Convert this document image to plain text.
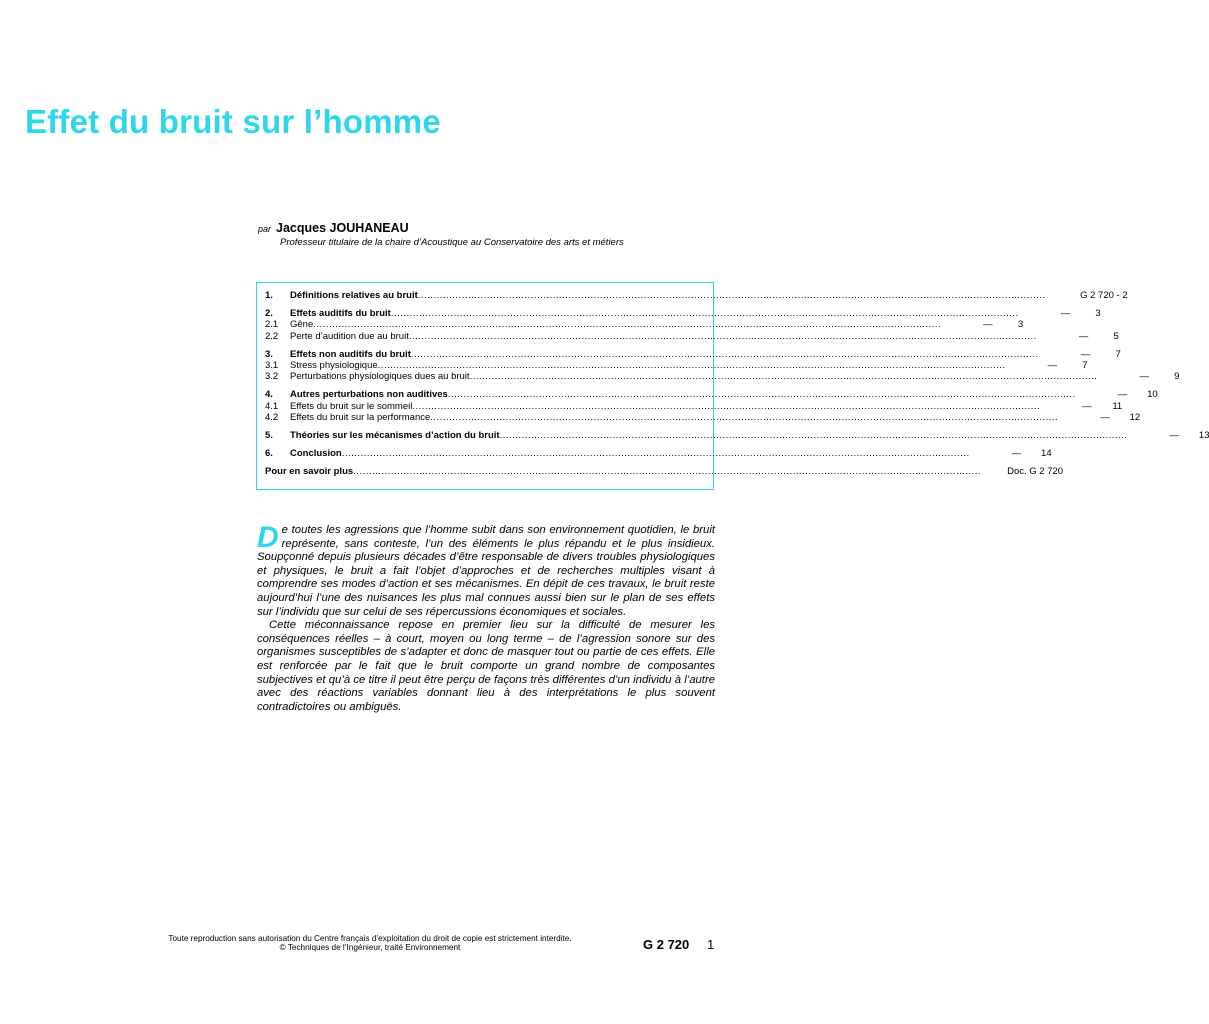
Effet du bruit sur l’homme
par Jacques JOUHANEAU
Professeur titulaire de la chaire d’Acoustique au Conservatoire des arts et métiers
1.	Définitions relatives au bruit........................................................................................................................................................................................................	G 2 720 - 2
2.	Effets auditifs du bruit........................................................................................................................................................................................................	—	3
2.1	Gêne........................................................................................................................................................................................................	—	3
2.2	Perte d’audition due au bruit........................................................................................................................................................................................................	—	5
3.	Effets non auditifs du bruit........................................................................................................................................................................................................	—	7
3.1	Stress physiologique........................................................................................................................................................................................................	—	7
3.2	Perturbations physiologiques dues au bruit........................................................................................................................................................................................................	—	9
4.	Autres perturbations non auditives........................................................................................................................................................................................................	— 10
4.1	Effets du bruit sur le sommeil........................................................................................................................................................................................................	— 11
4.2	Effets du bruit sur la performance........................................................................................................................................................................................................	— 12
5.	Théories sur les mécanismes d’action du bruit........................................................................................................................................................................................................	— 13
6.	Conclusion........................................................................................................................................................................................................	— 14
Pour en savoir plus........................................................................................................................................................................................................	Doc. G 2 720

De toutes les agressions que l’homme subit dans son environnement quotidien, le bruit représente, sans conteste, l’un des éléments le plus répandu et le plus insidieux. Soupçonné depuis plusieurs décades d’être responsable de divers troubles physiologiques et physiques, le bruit a fait l’objet d’approches et de recherches multiples visant à comprendre ses modes d’action et ses mécanismes. En dépit de ces travaux, le bruit reste aujourd’hui l’une des nuisances les plus mal connues aussi bien sur le plan de ses effets sur l’individu que sur celui de ses répercussions économiques et sociales.

Cette méconnaissance repose en premier lieu sur la difficulté de mesurer les conséquences réelles – à court, moyen ou long terme – de l’agression sonore sur des organismes susceptibles de s’adapter et donc de masquer tout ou partie de ces effets. Elle est renforcée par le fait que le bruit comporte un grand nombre de composantes subjectives et qu’à ce titre il peut être perçu de façons très différentes d’un individu à l’autre avec des réactions variables donnant lieu à des interprétations le plus souvent contradictoires ou ambiguës.

Toute reproduction sans autorisation du Centre français d’exploitation du droit de copie est strictement interdite.
© Techniques de l’Ingénieur, traité Environnement	G 2 720 1
